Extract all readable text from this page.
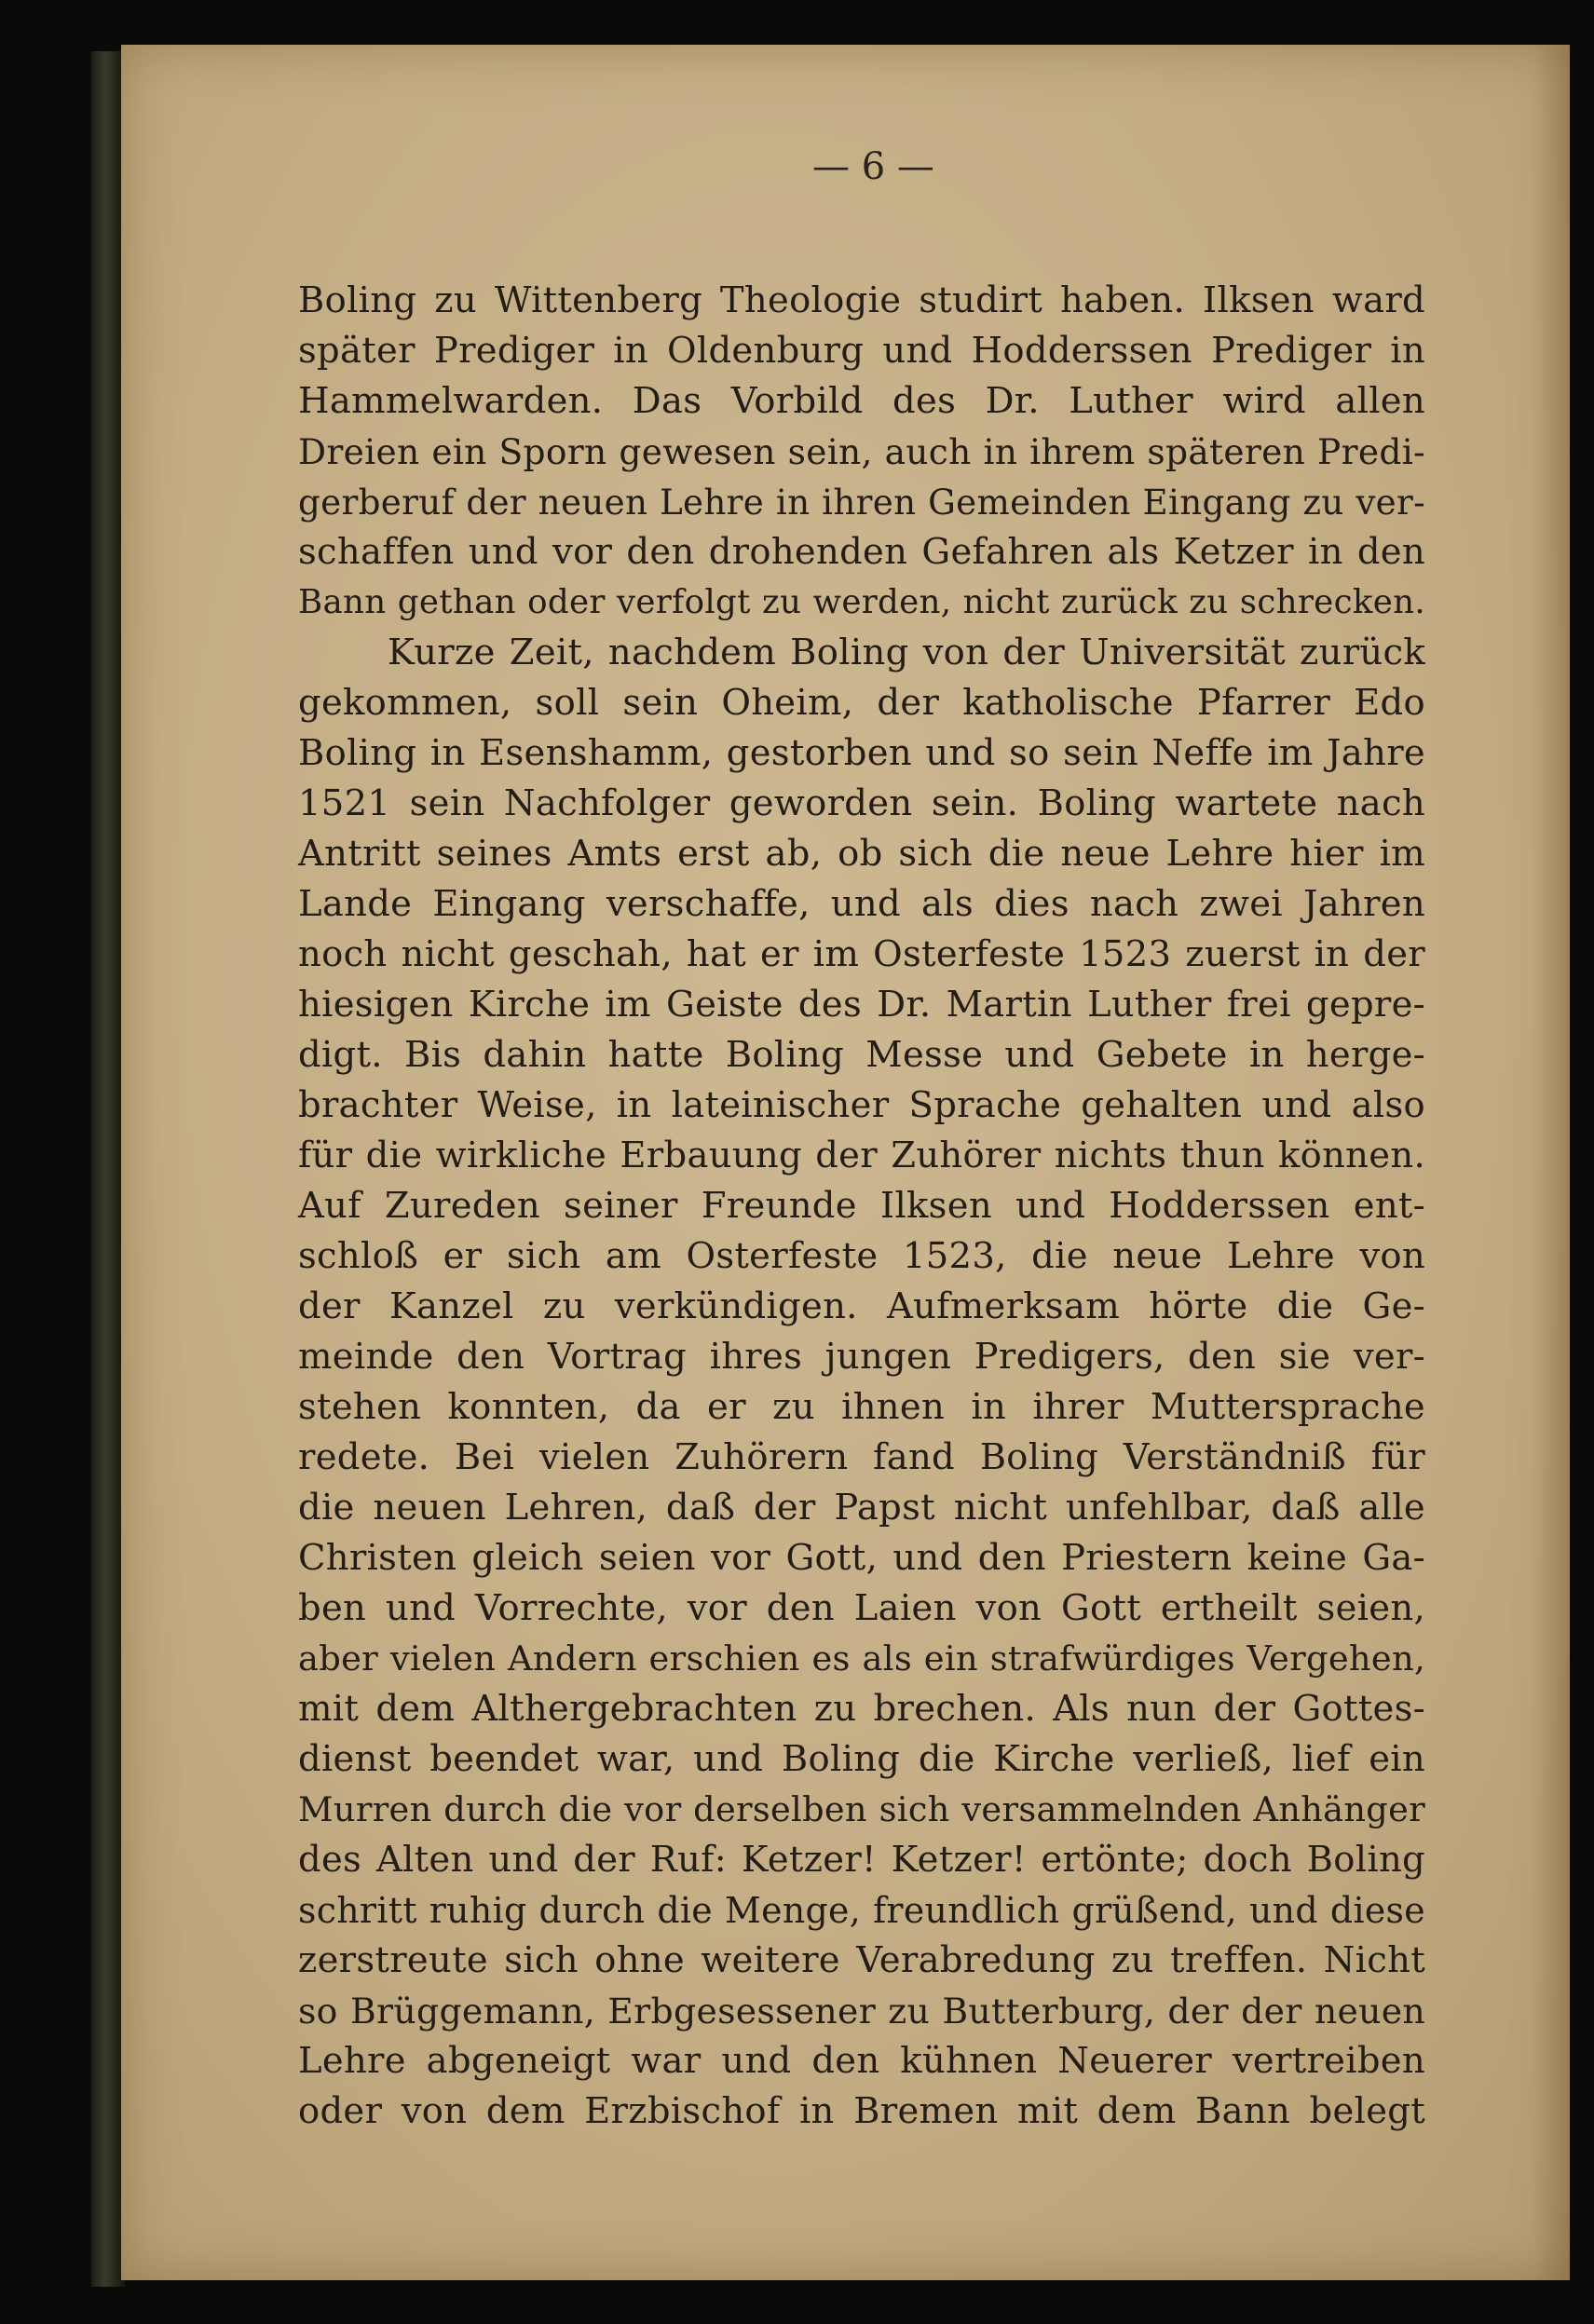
— 6 —
Boling zu Wittenberg Theologie studirt haben. Ilksen ward
später Prediger in Oldenburg und Hodderssen Prediger in
Hammelwarden. Das Vorbild des Dr. Luther wird allen
Dreien ein Sporn gewesen sein, auch in ihrem späteren Predi-
gerberuf der neuen Lehre in ihren Gemeinden Eingang zu ver-
schaffen und vor den drohenden Gefahren als Ketzer in den
Bann gethan oder verfolgt zu werden, nicht zurück zu schrecken.
Kurze Zeit, nachdem Boling von der Universität zurück
gekommen, soll sein Oheim, der katholische Pfarrer Edo
Boling in Esenshamm, gestorben und so sein Neffe im Jahre
1521 sein Nachfolger geworden sein. Boling wartete nach
Antritt seines Amts erst ab, ob sich die neue Lehre hier im
Lande Eingang verschaffe, und als dies nach zwei Jahren
noch nicht geschah, hat er im Osterfeste 1523 zuerst in der
hiesigen Kirche im Geiste des Dr. Martin Luther frei gepre-
digt. Bis dahin hatte Boling Messe und Gebete in herge-
brachter Weise, in lateinischer Sprache gehalten und also
für die wirkliche Erbauung der Zuhörer nichts thun können.
Auf Zureden seiner Freunde Ilksen und Hodderssen ent-
schloß er sich am Osterfeste 1523, die neue Lehre von
der Kanzel zu verkündigen. Aufmerksam hörte die Ge-
meinde den Vortrag ihres jungen Predigers, den sie ver-
stehen konnten, da er zu ihnen in ihrer Muttersprache
redete. Bei vielen Zuhörern fand Boling Verständniß für
die neuen Lehren, daß der Papst nicht unfehlbar, daß alle
Christen gleich seien vor Gott, und den Priestern keine Ga-
ben und Vorrechte, vor den Laien von Gott ertheilt seien,
aber vielen Andern erschien es als ein strafwürdiges Vergehen,
mit dem Althergebrachten zu brechen. Als nun der Gottes-
dienst beendet war, und Boling die Kirche verließ, lief ein
Murren durch die vor derselben sich versammelnden Anhänger
des Alten und der Ruf: Ketzer! Ketzer! ertönte; doch Boling
schritt ruhig durch die Menge, freundlich grüßend, und diese
zerstreute sich ohne weitere Verabredung zu treffen. Nicht
so Brüggemann, Erbgesessener zu Butterburg, der der neuen
Lehre abgeneigt war und den kühnen Neuerer vertreiben
oder von dem Erzbischof in Bremen mit dem Bann belegt
